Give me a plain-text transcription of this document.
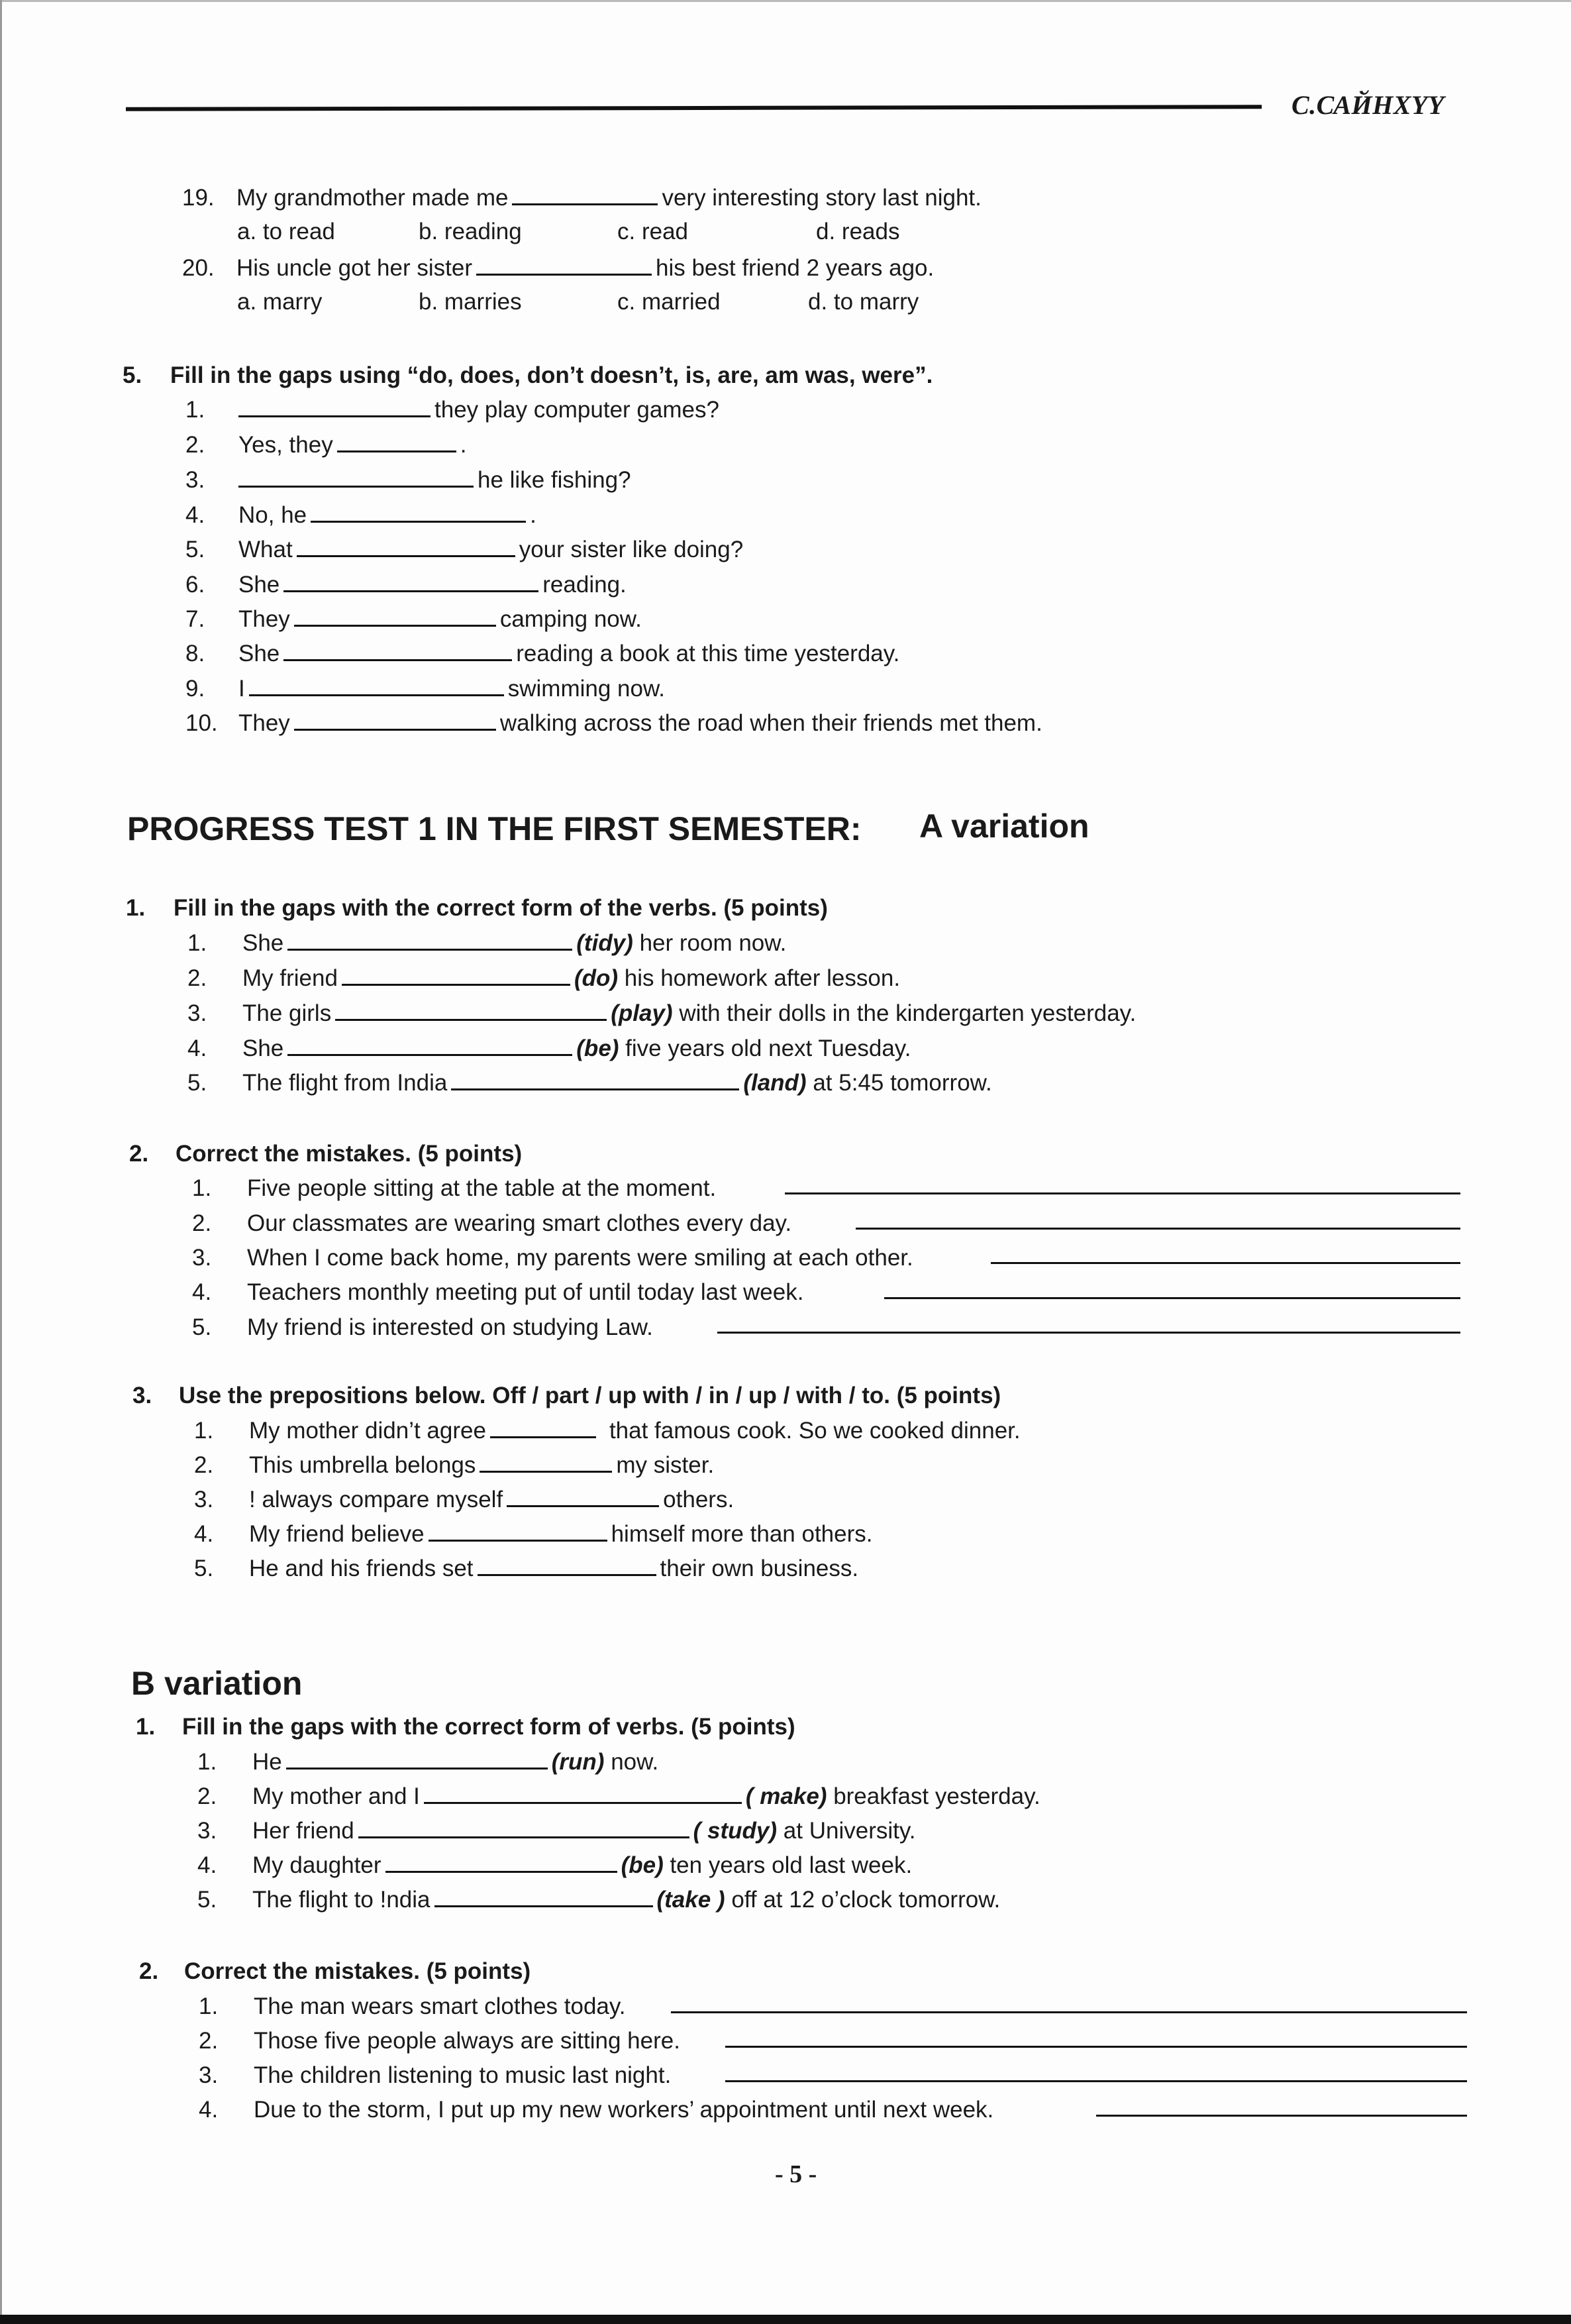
С.САЙНХҮҮ
19. My grandmother made me	very interesting story last night.
a. to read	b. reading	c. read	d. reads
20. His uncle got her sister	his best friend 2 years ago.
a. marry	b. marries	c. married	d. to marry
5. Fill in the gaps using “do, does, don’t doesn’t, is, are, am was, were”.
1.	they play computer games?
2. Yes, they	.
3.	he like fishing?
4. No, he	.
5. What	your sister like doing?
6. She	reading.
7. They	camping now.
8. She	reading a book at this time yesterday.
9. I	swimming now.
10. They	walking across the road when their friends met them.
PROGRESS TEST 1 IN THE FIRST SEMESTER: A variation
1. Fill in the gaps with the correct form of the verbs. (5 points)
1. She	(tidy) her room now.
2. My friend	(do) his homework after lesson.
3. The girls	(play) with their dolls in the kindergarten yesterday.
4. She	(be) five years old next Tuesday.
5. The flight from India	(land) at 5:45 tomorrow.
2. Correct the mistakes. (5 points)
1. Five people sitting at the table at the moment.
2. Our classmates are wearing smart clothes every day.
3. When I come back home, my parents were smiling at each other.
4. Teachers monthly meeting put of until today last week.
5. My friend is interested on studying Law.
3. Use the prepositions below. Off / part / up with / in / up / with / to. (5 points)
1. My mother didn’t agree	that famous cook. So we cooked dinner.
2. This umbrella belongs	my sister.
3. ! always compare myself	others.
4. My friend believe	himself more than others.
5. He and his friends set	their own business.
B variation
1. Fill in the gaps with the correct form of verbs. (5 points)
1. He	(run) now.
2. My mother and I	( make) breakfast yesterday.
3. Her friend	( study) at University.
4. My daughter	(be) ten years old last week.
5. The flight to !ndia	(take ) off at 12 o’clock tomorrow.
2. Correct the mistakes. (5 points)
1. The man wears smart clothes today.
2. Those five people always are sitting here.
3. The children listening to music last night.
4. Due to the storm, I put up my new workers’ appointment until next week.
- 5 -
